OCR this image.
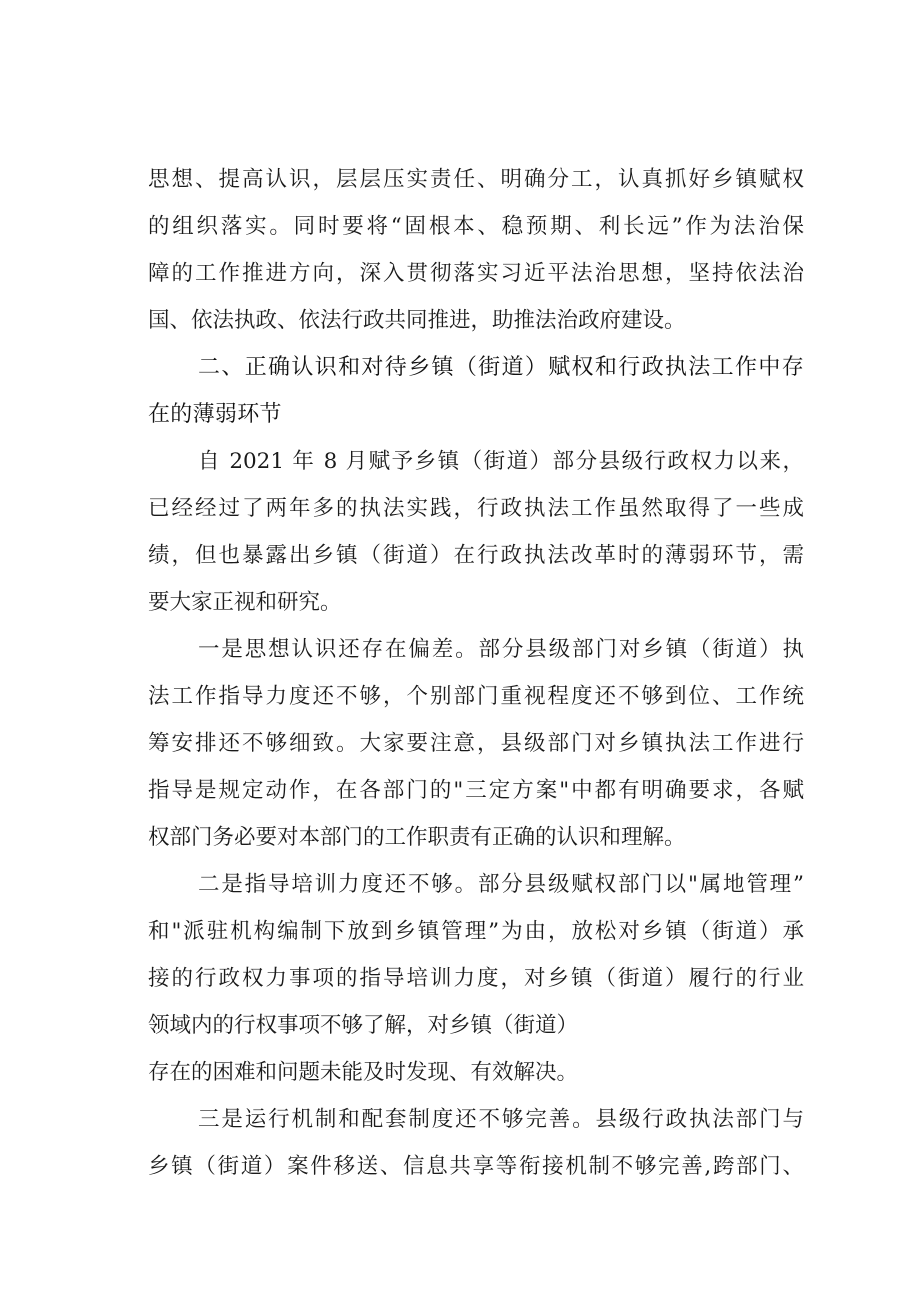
思想、提高认识，层层压实责任、明确分工，认真抓好乡镇赋权
的组织落实。同时要将“固根本、稳预期、利长远”作为法治保
障的工作推进方向，深入贯彻落实习近平法治思想，坚持依法治
国、依法执政、依法行政共同推进，助推法治政府建设。
二、正确认识和对待乡镇（街道）赋权和行政执法工作中存
在的薄弱环节
自 2021 年 8 月赋予乡镇（街道）部分县级行政权力以来，
已经经过了两年多的执法实践，行政执法工作虽然取得了一些成
绩，但也暴露出乡镇（街道）在行政执法改革时的薄弱环节，需
要大家正视和研究。
一是思想认识还存在偏差。部分县级部门对乡镇（街道）执
法工作指导力度还不够，个别部门重视程度还不够到位、工作统
筹安排还不够细致。大家要注意，县级部门对乡镇执法工作进行
指导是规定动作，在各部门的"三定方案"中都有明确要求，各赋
权部门务必要对本部门的工作职责有正确的认识和理解。
二是指导培训力度还不够。部分县级赋权部门以"属地管理”
和"派驻机构编制下放到乡镇管理”为由，放松对乡镇（街道）承
接的行政权力事项的指导培训力度，对乡镇（街道）履行的行业
领域内的行权事项不够了解，对乡镇（街道）
存在的困难和问题未能及时发现、有效解决。
三是运行机制和配套制度还不够完善。县级行政执法部门与
乡镇（街道）案件移送、信息共享等衔接机制不够完善,跨部门、
